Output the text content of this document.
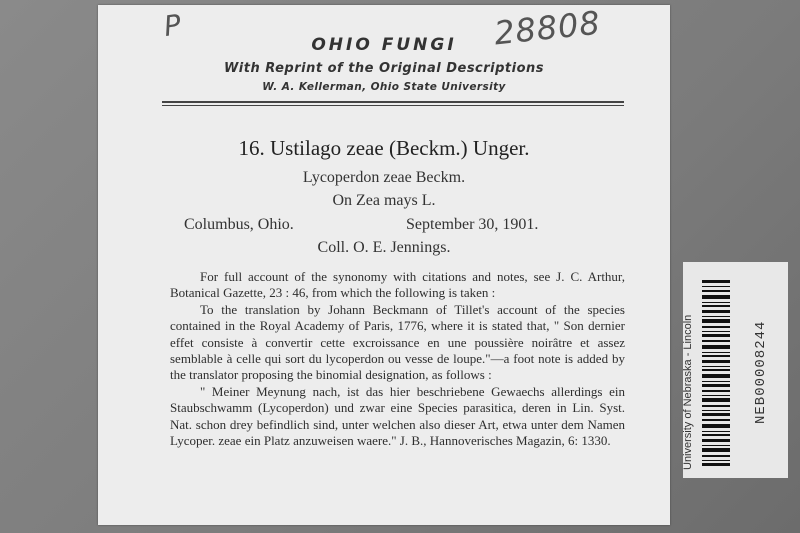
P	28808
OHIO FUNGI
With Reprint of the Original Descriptions
W. A. Kellerman, Ohio State University
16. Ustilago zeae (Beckm.) Unger.
Lycoperdon zeae Beckm.
On Zea mays L.
Columbus, Ohio.	September 30, 1901.
Coll. O. E. Jennings.

For full account of the synonomy with citations and notes, see J. C. Arthur, Botanical Gazette, 23 : 46, from which the following is taken :

To the translation by Johann Beckmann of Tillet's account of the species contained in the Royal Academy of Paris, 1776, where it is stated that, " Son dernier effet consiste à convertir cette excroissance en une poussière noirâtre et assez semblable à celle qui sort du lycoperdon ou vesse de loupe."—a foot note is added by the translator proposing the binomial designation, as follows :

" Meiner Meynung nach, ist das hier beschriebene Gewaechs allerdings ein Staubschwamm (Lycoperdon) und zwar eine Species parasitica, deren in Lin. Syst. Nat. schon drey befindlich sind, unter welchen also dieser Art, etwa unter dem Namen Lycoper. zeae ein Platz anzuweisen waere." J. B., Hannoverisches Magazin, 6: 1330.	University of Nebraska - Lincoln	NEB00008244
